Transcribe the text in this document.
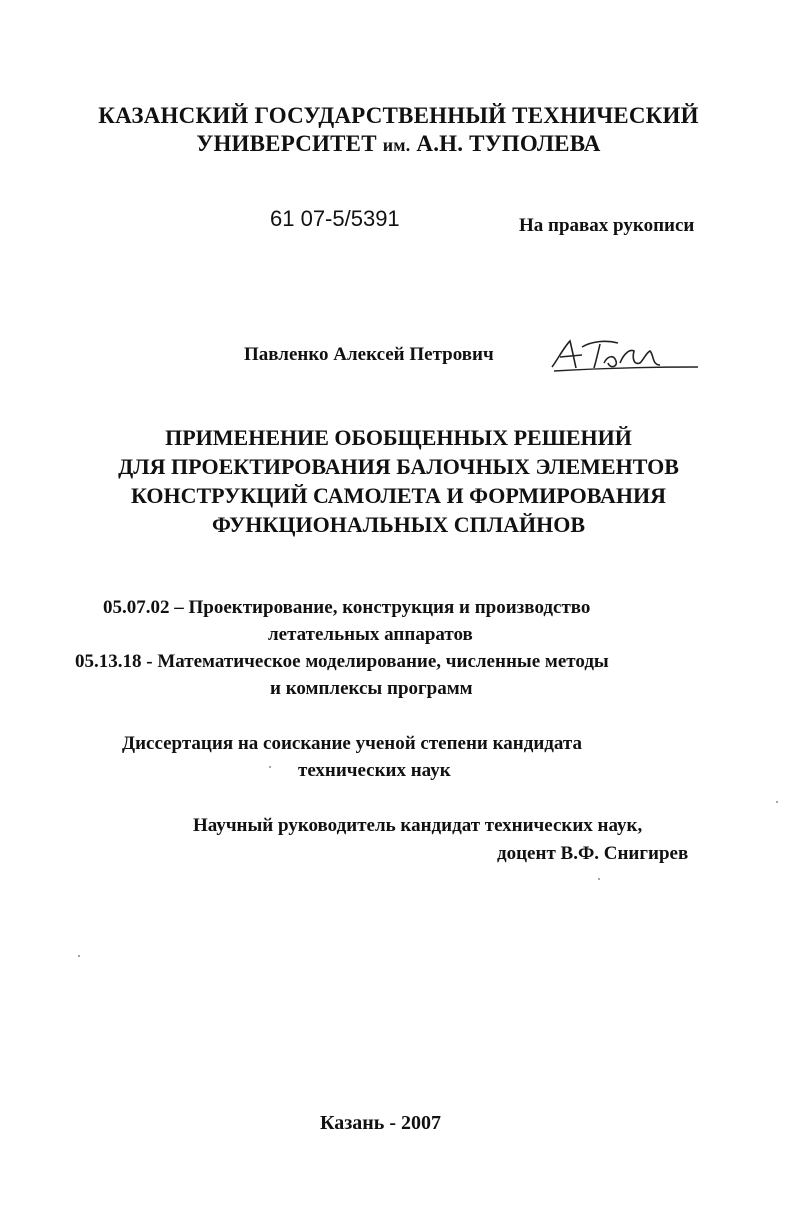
КАЗАНСКИЙ ГОСУДАРСТВЕННЫЙ ТЕХНИЧЕСКИЙ
УНИВЕРСИТЕТ им. А.Н. ТУПОЛЕВА
61 07-5/5391	На правах рукописи
Павленко Алексей Петрович
ПРИМЕНЕНИЕ ОБОБЩЕННЫХ РЕШЕНИЙ
ДЛЯ ПРОЕКТИРОВАНИЯ БАЛОЧНЫХ ЭЛЕМЕНТОВ
КОНСТРУКЦИЙ САМОЛЕТА И ФОРМИРОВАНИЯ
ФУНКЦИОНАЛЬНЫХ СПЛАЙНОВ
05.07.02 – Проектирование, конструкция и производство
летательных аппаратов
05.13.18 - Математическое моделирование, численные методы
и комплексы программ
Диссертация на соискание ученой степени кандидата
технических наук
Научный руководитель кандидат технических наук,
доцент В.Ф. Снигирев
Казань - 2007
